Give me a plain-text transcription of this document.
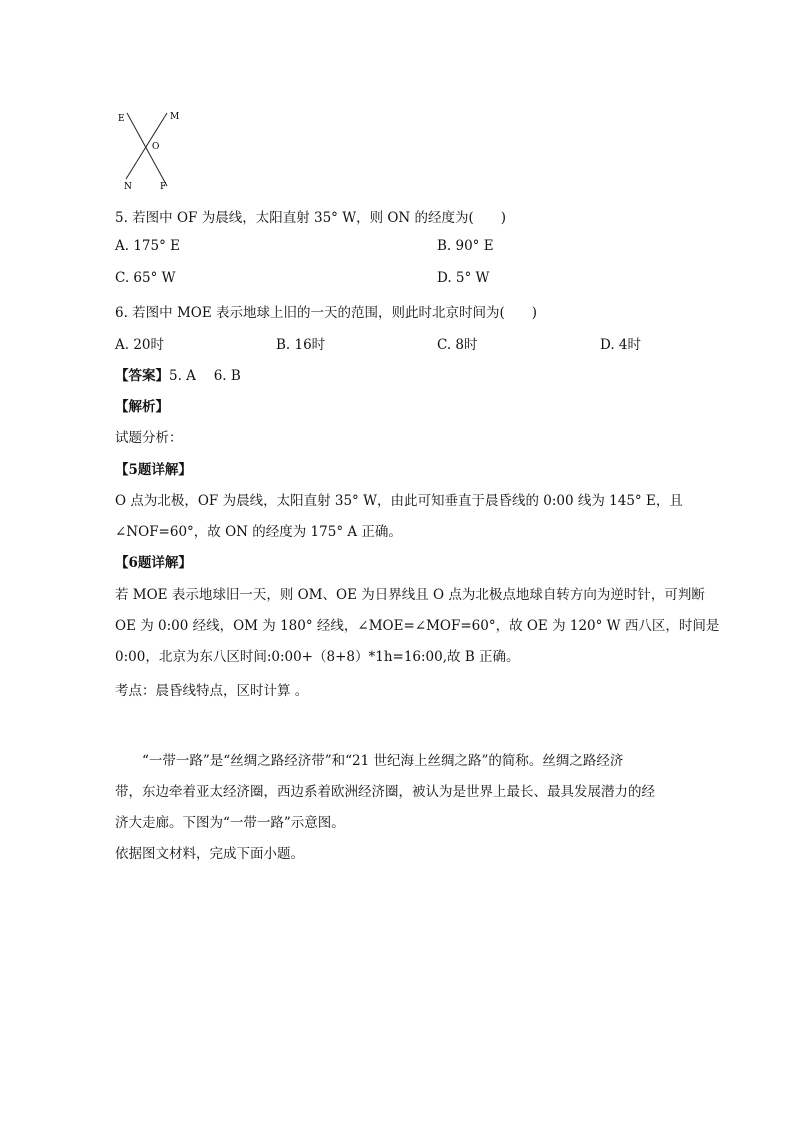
E	M
O
N	F
5. 若图中 OF 为晨线，太阳直射 35° W，则 ON 的经度为(　　)
A. 175° E	B. 90° E
C. 65° W	D. 5° W
6. 若图中 MOE 表示地球上旧的一天的范围，则此时北京时间为(　　)
A. 20时	B. 16时	C. 8时	D. 4时
【答案】5. A　 6. B
【解析】
试题分析：
【5题详解】
O 点为北极，OF 为晨线，太阳直射 35° W，由此可知垂直于晨昏线的 0:00 线为 145° E，且
∠NOF=60°，故 ON 的经度为 175° A 正确。
【6题详解】
若 MOE 表示地球旧一天，则 OM、OE 为日界线且 O 点为北极点地球自转方向为逆时针，可判断
OE 为 0:00 经线，OM 为 180° 经线，∠MOE=∠MOF=60°，故 OE 为 120° W 西八区，时间是
0:00，北京为东八区时间:0:00+（8+8）*1h=16:00,故 B 正确。
考点：晨昏线特点，区时计算 。
　　“一带一路”是“丝绸之路经济带”和“21 世纪海上丝绸之路”的简称。丝绸之路经济
带，东边牵着亚太经济圈，西边系着欧洲经济圈，被认为是世界上最长、最具发展潜力的经
济大走廊。下图为“一带一路”示意图。
依据图文材料，完成下面小题。
